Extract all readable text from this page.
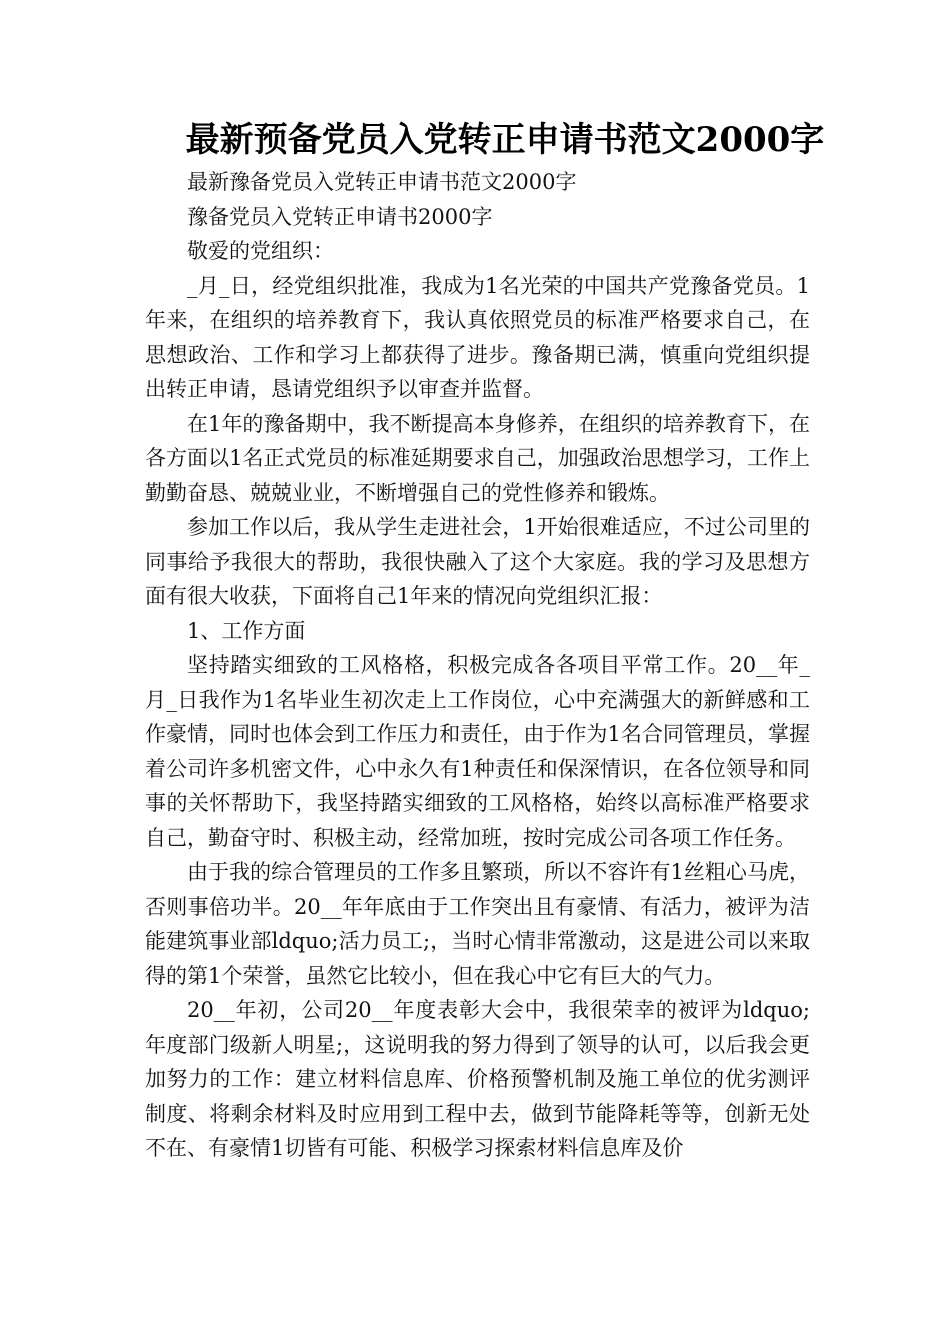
最新预备党员入党转正申请书范文2000字

最新豫备党员入党转正申请书范文2000字

豫备党员入党转正申请书2000字

敬爱的党组织：

_月_日，经党组织批准，我成为1名光荣的中国共产党豫备党员。1年来，在组织的培养教育下，我认真依照党员的标准严格要求自己，在思想政治、工作和学习上都获得了进步。豫备期已满，慎重向党组织提出转正申请，恳请党组织予以审查并监督。

在1年的豫备期中，我不断提高本身修养，在组织的培养教育下，在各方面以1名正式党员的标准延期要求自己，加强政治思想学习，工作上勤勤奋恳、兢兢业业，不断增强自己的党性修养和锻炼。

参加工作以后，我从学生走进社会，1开始很难适应，不过公司里的同事给予我很大的帮助，我很快融入了这个大家庭。我的学习及思想方面有很大收获，下面将自己1年来的情况向党组织汇报：

1、工作方面

坚持踏实细致的工风格格，积极完成各各项目平常工作。20__年_月_日我作为1名毕业生初次走上工作岗位，心中充满强大的新鲜感和工作豪情，同时也体会到工作压力和责任，由于作为1名合同管理员，掌握着公司许多机密文件，心中永久有1种责任和保深情识，在各位领导和同事的关怀帮助下，我坚持踏实细致的工风格格，始终以高标准严格要求自己，勤奋守时、积极主动，经常加班，按时完成公司各项工作任务。

由于我的综合管理员的工作多且繁琐，所以不容许有1丝粗心马虎，否则事倍功半。20__年年底由于工作突出且有豪情、有活力，被评为洁能建筑事业部ldquo;活力员工;，当时心情非常激动，这是进公司以来取得的第1个荣誉，虽然它比较小，但在我心中它有巨大的气力。

20__年初，公司20__年度表彰大会中，我很荣幸的被评为ldquo;年度部门级新人明星;，这说明我的努力得到了领导的认可，以后我会更加努力的工作：建立材料信息库、价格预警机制及施工单位的优劣测评制度、将剩余材料及时应用到工程中去，做到节能降耗等等，创新无处不在、有豪情1切皆有可能、积极学习探索材料信息库及价
